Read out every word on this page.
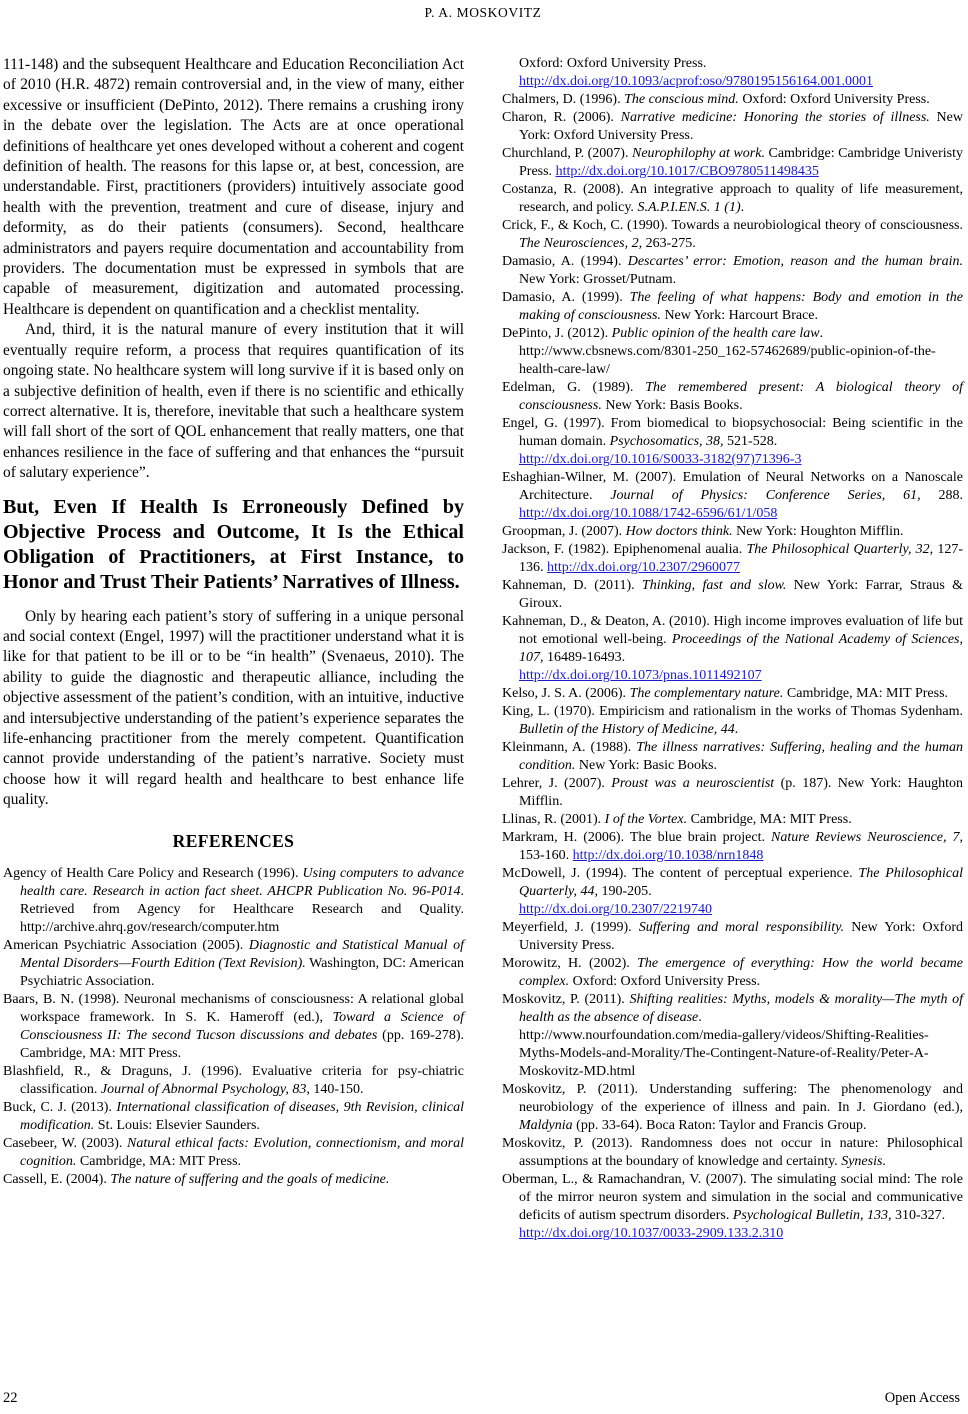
P. A. MOSKOVITZ

111-148) and the subsequent Healthcare and Education Reconciliation Act of 2010 (H.R. 4872) remain controversial and, in the view of many, either excessive or insufficient (DePinto, 2012). There remains a crushing irony in the debate over the legislation. The Acts are at once operational definitions of healthcare yet ones developed without a coherent and cogent definition of health. The reasons for this lapse or, at best, concession, are understandable. First, practitioners (providers) intuitively associate good health with the prevention, treatment and cure of disease, injury and deformity, as do their patients (consumers). Second, healthcare administrators and payers require documentation and accountability from providers. The documentation must be expressed in symbols that are capable of measurement, digitization and automated processing. Healthcare is dependent on quantification and a checklist mentality.

And, third, it is the natural manure of every institution that it will eventually require reform, a process that requires quantification of its ongoing state. No healthcare system will long survive if it is based only on a subjective definition of health, even if there is no scientific and ethically correct alternative. It is, therefore, inevitable that such a healthcare system will fall short of the sort of QOL enhancement that really matters, one that enhances resilience in the face of suffering and that enhances the “pursuit of salutary experience”.

But, Even If Health Is Erroneously Defined by Objective Process and Outcome, It Is the Ethical Obligation of Practitioners, at First Instance, to Honor and Trust Their Patients’ Narratives of Illness.

Only by hearing each patient’s story of suffering in a unique personal and social context (Engel, 1997) will the practitioner understand what it is like for that patient to be ill or to be “in health” (Svenaeus, 2010). The ability to guide the diagnostic and therapeutic alliance, including the objective assessment of the patient’s condition, with an intuitive, inductive and intersubjective understanding of the patient’s experience separates the life-enhancing practitioner from the merely competent. Quantification cannot provide understanding of the patient’s narrative. Society must choose how it will regard health and healthcare to best enhance life quality.

REFERENCES
Agency of Health Care Policy and Research (1996). Using computers to advance health care. Research in action fact sheet. AHCPR Publication No. 96-P014. Retrieved from Agency for Healthcare Research and Quality. http://archive.ahrq.gov/research/computer.htm
American Psychiatric Association (2005). Diagnostic and Statistical Manual of Mental Disorders—Fourth Edition (Text Revision). Washington, DC: American Psychiatric Association.
Baars, B. N. (1998). Neuronal mechanisms of consciousness: A relational global workspace framework. In S. K. Hameroff (ed.), Toward a Science of Consciousness II: The second Tucson discussions and debates (pp. 169-278). Cambridge, MA: MIT Press.
Blashfield, R., & Draguns, J. (1996). Evaluative criteria for psy-chiatric classification. Journal of Abnormal Psychology, 83, 140-150.
Buck, C. J. (2013). International classification of diseases, 9th Revision, clinical modification. St. Louis: Elsevier Saunders.
Casebeer, W. (2003). Natural ethical facts: Evolution, connectionism, and moral cognition. Cambridge, MA: MIT Press.
Cassell, E. (2004). The nature of suffering and the goals of medicine.
Oxford: Oxford University Press.
http://dx.doi.org/10.1093/acprof:oso/9780195156164.001.0001
Chalmers, D. (1996). The conscious mind. Oxford: Oxford University Press.
Charon, R. (2006). Narrative medicine: Honoring the stories of illness. New York: Oxford University Press.
Churchland, P. (2007). Neurophilophy at work. Cambridge: Cambridge Univeristy Press. http://dx.doi.org/10.1017/CBO9780511498435
Costanza, R. (2008). An integrative approach to quality of life measurement, research, and policy. S.A.P.I.EN.S. 1 (1).
Crick, F., & Koch, C. (1990). Towards a neurobiological theory of consciousness. The Neurosciences, 2, 263-275.
Damasio, A. (1994). Descartes’ error: Emotion, reason and the human brain. New York: Grosset/Putnam.
Damasio, A. (1999). The feeling of what happens: Body and emotion in the making of consciousness. New York: Harcourt Brace.
DePinto, J. (2012). Public opinion of the health care law.
http://www.cbsnews.com/8301-250_162-57462689/public-opinion-of-the-health-care-law/
Edelman, G. (1989). The remembered present: A biological theory of consciousness. New York: Basis Books.
Engel, G. (1997). From biomedical to biopsychosocial: Being scientific in the human domain. Psychosomatics, 38, 521-528.
http://dx.doi.org/10.1016/S0033-3182(97)71396-3
Eshaghian-Wilner, M. (2007). Emulation of Neural Networks on a Nanoscale Architecture. Journal of Physics: Conference Series, 61, 288. http://dx.doi.org/10.1088/1742-6596/61/1/058
Groopman, J. (2007). How doctors think. New York: Houghton Mifflin.
Jackson, F. (1982). Epiphenomenal aualia. The Philosophical Quarterly, 32, 127-136. http://dx.doi.org/10.2307/2960077
Kahneman, D. (2011). Thinking, fast and slow. New York: Farrar, Straus & Giroux.
Kahneman, D., & Deaton, A. (2010). High income improves evaluation of life but not emotional well-being. Proceedings of the National Academy of Sciences, 107, 16489-16493.
http://dx.doi.org/10.1073/pnas.1011492107
Kelso, J. S. A. (2006). The complementary nature. Cambridge, MA: MIT Press.
King, L. (1970). Empiricism and rationalism in the works of Thomas Sydenham. Bulletin of the History of Medicine, 44.
Kleinmann, A. (1988). The illness narratives: Suffering, healing and the human condition. New York: Basic Books.
Lehrer, J. (2007). Proust was a neuroscientist (p. 187). New York: Haughton Mifflin.
Llinas, R. (2001). I of the Vortex. Cambridge, MA: MIT Press.
Markram, H. (2006). The blue brain project. Nature Reviews Neuroscience, 7, 153-160. http://dx.doi.org/10.1038/nrn1848
McDowell, J. (1994). The content of perceptual experience. The Philosophical Quarterly, 44, 190-205.
http://dx.doi.org/10.2307/2219740
Meyerfield, J. (1999). Suffering and moral responsibility. New York: Oxford University Press.
Morowitz, H. (2002). The emergence of everything: How the world became complex. Oxford: Oxford University Press.
Moskovitz, P. (2011). Shifting realities: Myths, models & morality—The myth of health as the absence of disease.
http://www.nourfoundation.com/media-gallery/videos/Shifting-Realities-Myths-Models-and-Morality/The-Contingent-Nature-of-Reality/Peter-A-Moskovitz-MD.html
Moskovitz, P. (2011). Understanding suffering: The phenomenology and neurobiology of the experience of illness and pain. In J. Giordano (ed.), Maldynia (pp. 33-64). Boca Raton: Taylor and Francis Group.
Moskovitz, P. (2013). Randomness does not occur in nature: Philosophical assumptions at the boundary of knowledge and certainty. Synesis.
Oberman, L., & Ramachandran, V. (2007). The simulating social mind: The role of the mirror neuron system and simulation in the social and communicative deficits of autism spectrum disorders. Psychological Bulletin, 133, 310-327.
http://dx.doi.org/10.1037/0033-2909.133.2.310
22	Open Access
